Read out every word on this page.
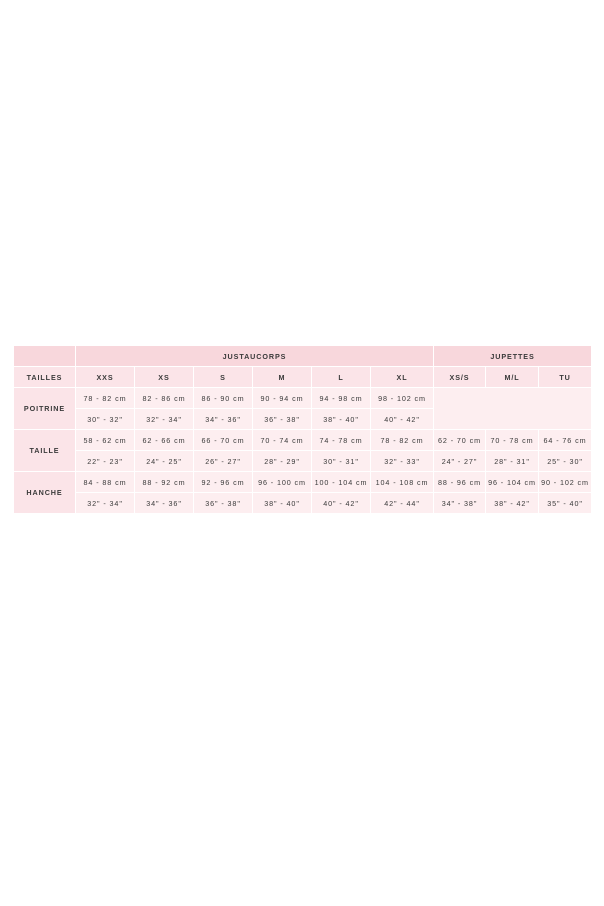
	JUSTAUCORPS						JUPETTES		
TAILLES	XXS	XS	S	M	L	XL	XS/S	M/L	TU
POITRINE	78 - 82 cm	82 - 86 cm	86 - 90 cm	90 - 94 cm	94 - 98 cm	98 - 102 cm			
	30" - 32"	32" - 34"	34" - 36"	36" - 38"	38" - 40"	40" - 42"			
TAILLE	58 - 62 cm	62 - 66 cm	66 - 70 cm	70 - 74 cm	74 - 78 cm	78 - 82 cm	62 - 70 cm	70 - 78 cm	64 - 76 cm
	22" - 23"	24" - 25"	26" - 27"	28" - 29"	30" - 31"	32" - 33"	24" - 27"	28" - 31"	25" - 30"
HANCHE	84 - 88 cm	88 - 92 cm	92 - 96 cm	96 - 100 cm	100 - 104 cm	104 - 108 cm	88 - 96 cm	96 - 104 cm	90 - 102 cm
	32" - 34"	34" - 36"	36" - 38"	38" - 40"	40" - 42"	42" - 44"	34" - 38"	38" - 42"	35" - 40"
